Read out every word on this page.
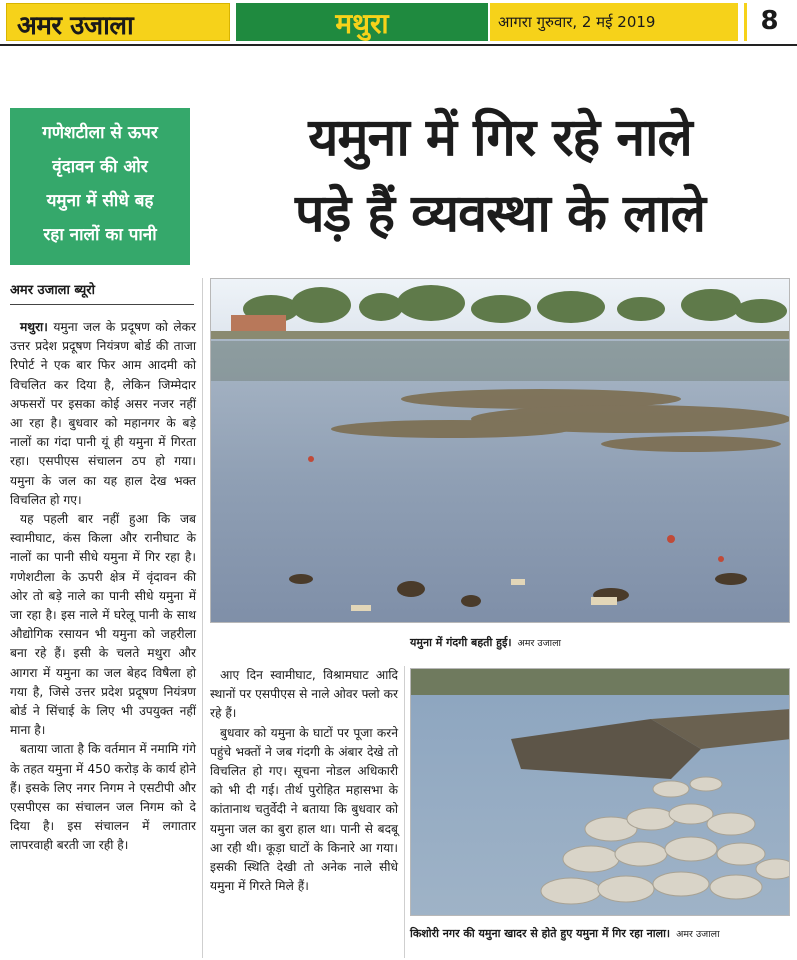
अमर उजाला	मथुरा	आगरा गुरुवार, 2 मई 2019	8
गणेशटीला से ऊपर
वृंदावन की ओर
यमुना में सीधे बह
रहा नालों का पानी
यमुना में गिर रहे नाले
पड़े हैं व्यवस्था के लाले
अमर उजाला ब्यूरो

मथुरा। यमुना जल के प्रदूषण को लेकर उत्तर प्रदेश प्रदूषण नियंत्रण बोर्ड की ताजा रिपोर्ट ने एक बार फिर आम आदमी को विचलित कर दिया है, लेकिन जिम्मेदार अफसरों पर इसका कोई असर नजर नहीं आ रहा है। बुधवार को महानगर के बड़े नालों का गंदा पानी यूं ही यमुना में गिरता रहा। एसपीएस संचालन ठप हो गया। यमुना के जल का यह हाल देख भक्त विचलित हो गए।

यह पहली बार नहीं हुआ कि जब स्वामीघाट, कंस किला और रानीघाट के नालों का पानी सीधे यमुना में गिर रहा है। गणेशटीला के ऊपरी क्षेत्र में वृंदावन की ओर तो बड़े नाले का पानी सीधे यमुना में जा रहा है। इस नाले में घरेलू पानी के साथ औद्योगिक रसायन भी यमुना को जहरीला बना रहे हैं। इसी के चलते मथुरा और आगरा में यमुना का जल बेहद विषैला हो गया है, जिसे उत्तर प्रदेश प्रदूषण नियंत्रण बोर्ड ने सिंचाई के लिए भी उपयुक्त नहीं माना है।

बताया जाता है कि वर्तमान में नमामि गंगे के तहत यमुना में 450 करोड़ के कार्य होने हैं। इसके लिए नगर निगम ने एसटीपी और एसपीएस का संचालन जल निगम को दे दिया है। इस संचालन में लगातार लापरवाही बरती जा रही है।

यमुना में गंदगी बहती हुई। अमर उजाला

आए दिन स्वामीघाट, विश्रामघाट आदि स्थानों पर एसपीएस से नाले ओवर फ्लो कर रहे हैं।

बुधवार को यमुना के घाटों पर पूजा करने पहुंचे भक्तों ने जब गंदगी के अंबार देखे तो विचलित हो गए। सूचना नोडल अधिकारी को भी दी गई। तीर्थ पुरोहित महासभा के कांतानाथ चतुर्वेदी ने बताया कि बुधवार को यमुना जल का बुरा हाल था। पानी से बदबू आ रही थी। कूड़ा घाटों के किनारे आ गया। इसकी स्थिति देखी तो अनेक नाले सीधे यमुना में गिरते मिले हैं।

किशोरी नगर की यमुना खादर से होते हुए यमुना में गिर रहा नाला। अमर उजाला
